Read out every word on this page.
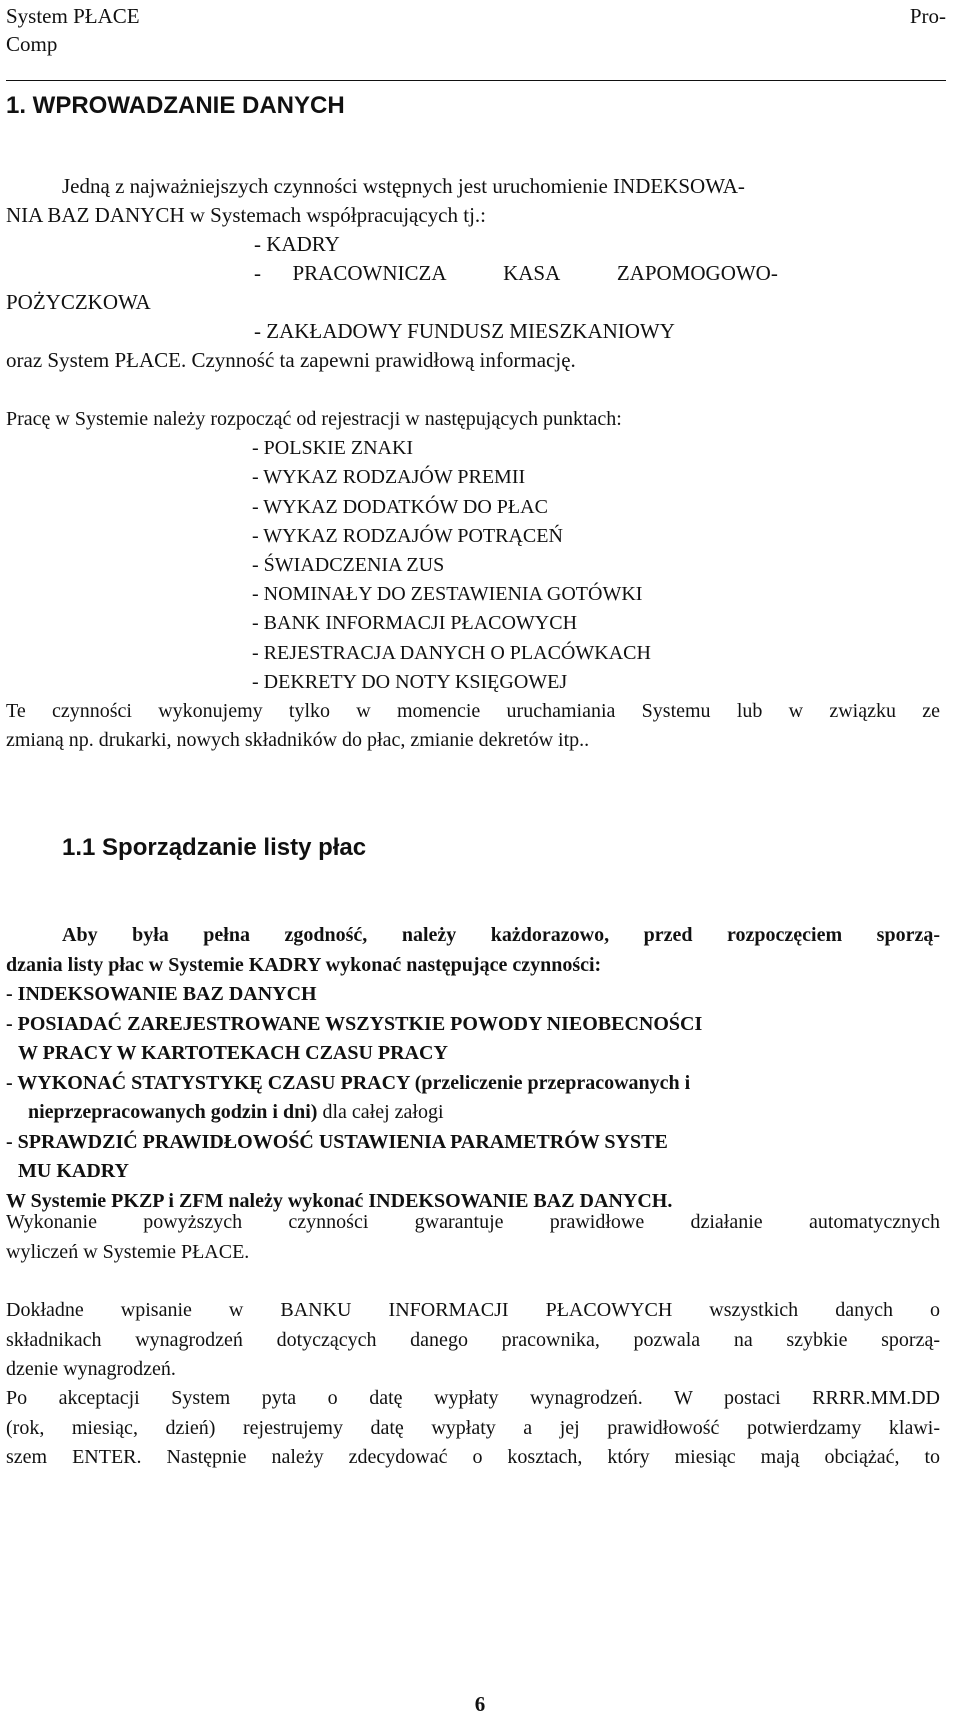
System PŁACE	Pro-
Comp
1. WPROWADZANIE DANYCH
Jedną z najważniejszych czynności wstępnych jest uruchomienie INDEKSOWA-
NIA BAZ DANYCH w Systemach współpracujących tj.:
- KADRY
-      PRACOWNICZA           KASA           ZAPOMOGOWO-
POŻYCZKOWA
- ZAKŁADOWY FUNDUSZ MIESZKANIOWY
oraz System PŁACE. Czynność ta zapewni prawidłową informację.
Pracę w Systemie należy rozpocząć od rejestracji w następujących punktach:
- POLSKIE ZNAKI
- WYKAZ RODZAJÓW PREMII
- WYKAZ DODATKÓW DO PŁAC
- WYKAZ RODZAJÓW POTRĄCEŃ
- ŚWIADCZENIA ZUS
- NOMINAŁY DO ZESTAWIENIA GOTÓWKI
- BANK INFORMACJI PŁACOWYCH
- REJESTRACJA DANYCH O PLACÓWKACH
- DEKRETY DO NOTY KSIĘGOWEJ
Te czynności wykonujemy tylko w momencie uruchamiania Systemu lub w związku ze
zmianą np. drukarki, nowych składników do płac, zmianie dekretów itp..
1.1 Sporządzanie listy płac
Aby była pełna zgodność, należy każdorazowo, przed rozpoczęciem sporzą-
dzania listy płac w Systemie KADRY wykonać następujące czynności:
- INDEKSOWANIE BAZ DANYCH
- POSIADAĆ ZAREJESTROWANE WSZYSTKIE POWODY NIEOBECNOŚCI
W PRACY W KARTOTEKACH CZASU PRACY
- WYKONAĆ STATYSTYKĘ CZASU PRACY (przeliczenie przepracowanych i
nieprzepracowanych godzin i dni) dla całej załogi
- SPRAWDZIĆ PRAWIDŁOWOŚĆ USTAWIENIA PARAMETRÓW SYSTE
MU KADRY
W Systemie PKZP i ZFM należy wykonać INDEKSOWANIE BAZ DANYCH.
Wykonanie powyższych czynności gwarantuje prawidłowe działanie automatycznych
wyliczeń w Systemie PŁACE.
Dokładne wpisanie w BANKU INFORMACJI PŁACOWYCH wszystkich danych o
składnikach wynagrodzeń dotyczących danego pracownika, pozwala na szybkie sporzą-
dzenie wynagrodzeń.
Po akceptacji System pyta o datę wypłaty wynagrodzeń. W postaci RRRR.MM.DD
(rok, miesiąc, dzień) rejestrujemy datę wypłaty a jej prawidłowość potwierdzamy klawi-
szem ENTER. Następnie należy zdecydować o kosztach, który miesiąc mają obciążać, to
6
